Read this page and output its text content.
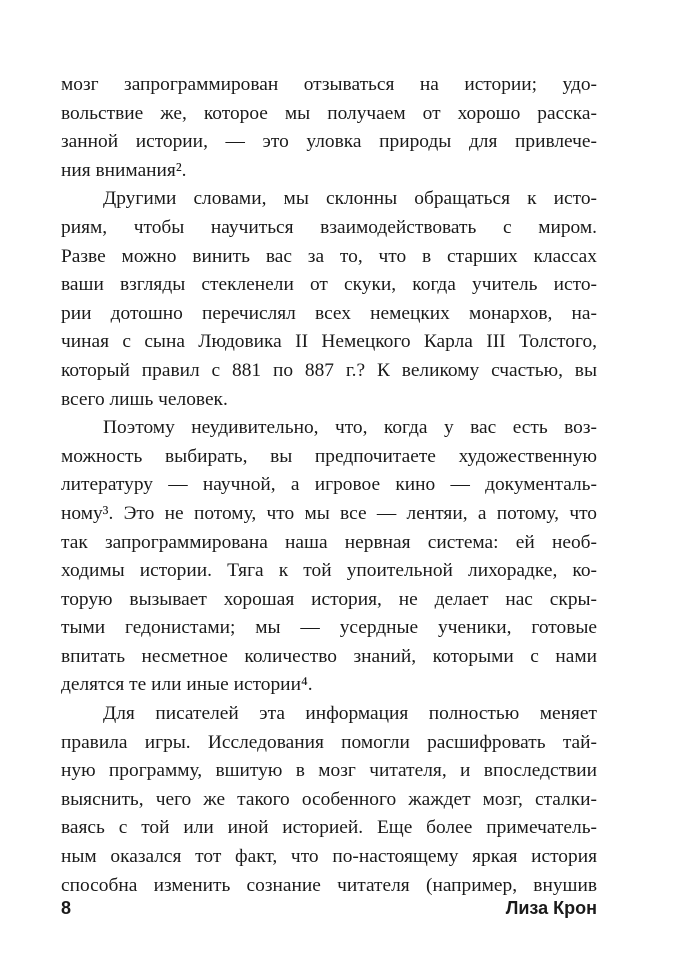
мозг запрограммирован отзываться на истории; удо-
вольствие же, которое мы получаем от хорошо расска-
занной истории, — это уловка природы для привлече-
ния внимания².
Другими словами, мы склонны обращаться к исто-
риям, чтобы научиться взаимодействовать с миром.
Разве можно винить вас за то, что в старших классах
ваши взгляды стекленели от скуки, когда учитель исто-
рии дотошно перечислял всех немецких монархов, на-
чиная с сына Людовика II Немецкого Карла III Толстого,
который правил с 881 по 887 г.? К великому счастью, вы
всего лишь человек.
Поэтому неудивительно, что, когда у вас есть воз-
можность выбирать, вы предпочитаете художественную
литературу — научной, а игровое кино — документаль-
ному³. Это не потому, что мы все — лентяи, а потому, что
так запрограммирована наша нервная система: ей необ-
ходимы истории. Тяга к той упоительной лихорадке, ко-
торую вызывает хорошая история, не делает нас скры-
тыми гедонистами; мы — усердные ученики, готовые
впитать несметное количество знаний, которыми с нами
делятся те или иные истории⁴.
Для писателей эта информация полностью меняет
правила игры. Исследования помогли расшифровать тай-
ную программу, вшитую в мозг читателя, и впоследствии
выяснить, чего же такого особенного жаждет мозг, сталки-
ваясь с той или иной историей. Еще более примечатель-
ным оказался тот факт, что по-настоящему яркая история
способна изменить сознание читателя (например, внушив
8	Лиза Крон
